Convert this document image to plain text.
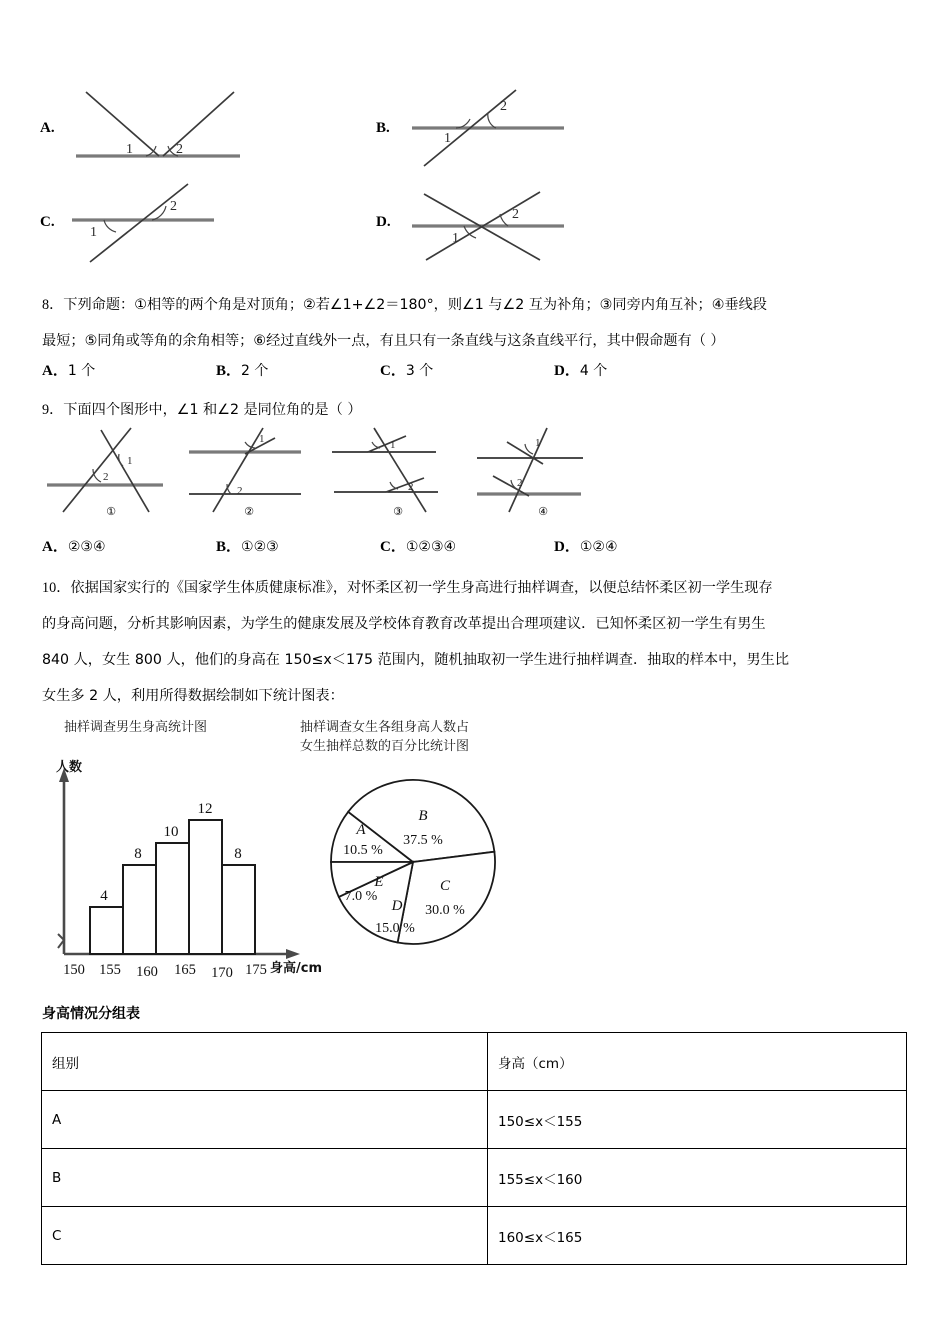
A.
1	2
B.
1
2
C.
1
2
D.
1
2
8．下列命题：①相等的两个角是对顶角；②若∠1+∠2＝180°，则∠1 与∠2 互为补角；③同旁内角互补；④垂线段
最短；⑤同角或等角的余角相等；⑥经过直线外一点，有且只有一条直线与这条直线平行，其中假命题有（ ）
A．1 个	B．2 个	C．3 个	D．4 个
9．下面四个图形中，∠1 和∠2 是同位角的是（ ）
1
2
①
1
2
②
1
2
③
1
2
④
A．②③④	B．①②③	C．①②③④	D．①②④
10．依据国家实行的《国家学生体质健康标准》，对怀柔区初一学生身高进行抽样调查，以便总结怀柔区初一学生现存
的身高问题，分析其影响因素，为学生的健康发展及学校体育教育改革提出合理项建议．已知怀柔区初一学生有男生
840 人，女生 800 人，他们的身高在 150≤x＜175 范围内，随机抽取初一学生进行抽样调查．抽取的样本中，男生比
女生多 2 人，利用所得数据绘制如下统计图表：
抽样调查男生身高统计图	抽样调查女生各组身高人数占
女生抽样总数的百分比统计图
4
8
10
12
8
150 155 160 165 170 175
人数
身高/cm
A
10.5 %
B
37.5 %
C
30.0 %
D
15.0 %
E
7.0 %
身高情况分组表
组别	身高（cm）
A	150≤x＜155
B	155≤x＜160
C	160≤x＜165
